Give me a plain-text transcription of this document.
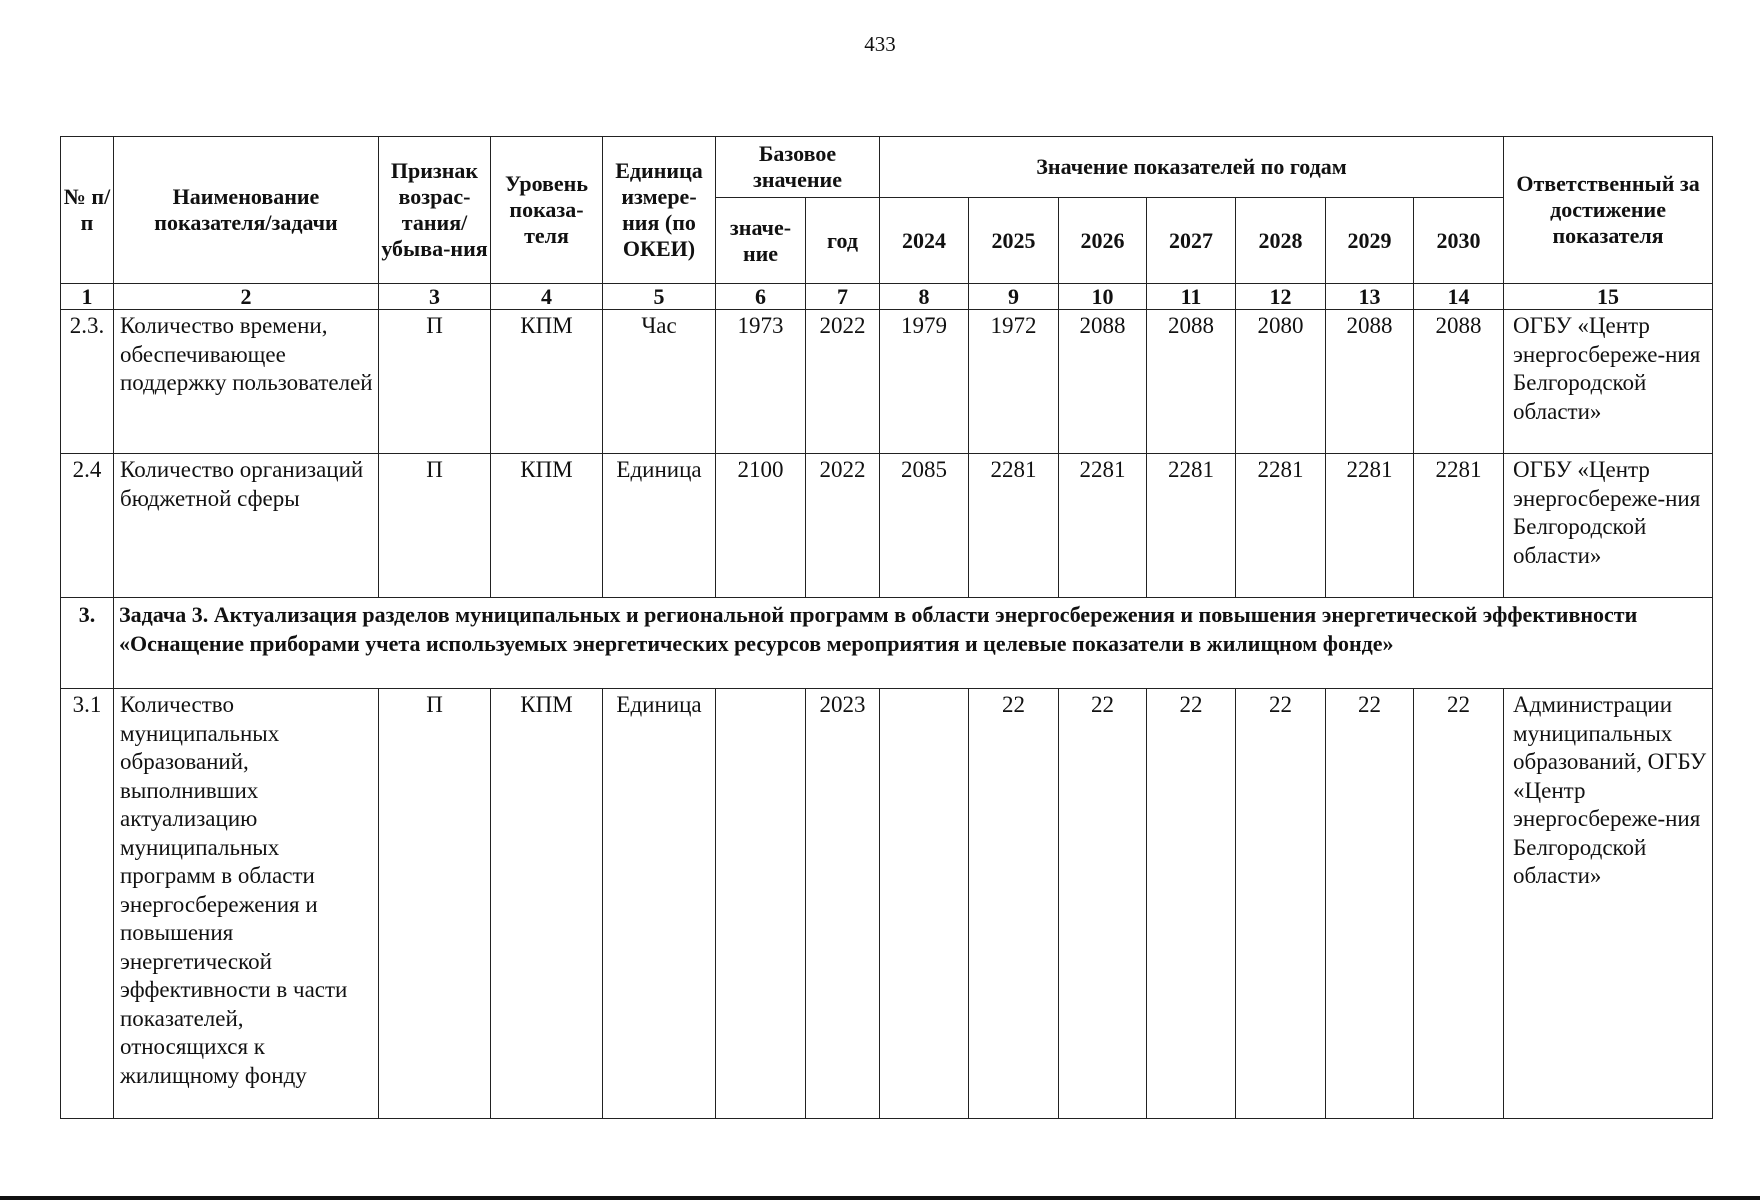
433
№ п/п	Наименование показателя/задачи	Признак возрас-тания/ убыва-ния	Уровень показа-теля	Единица измере-ния (по ОКЕИ)	Базовое значение		Значение показателей по годам							Ответственный за достижение показателя
					значе-ние	год	2024	2025	2026	2027	2028	2029	2030	
1	2	3	4	5	6	7	8	9	10	11	12	13	14	15
2.3.	Количество времени, обеспечивающее поддержку пользователей	П	КПМ	Час	1973	2022	1979	1972	2088	2088	2080	2088	2088	ОГБУ «Центр энергосбереже-ния Белгородской области»
2.4	Количество организаций бюджетной сферы	П	КПМ	Единица	2100	2022	2085	2281	2281	2281	2281	2281	2281	ОГБУ «Центр энергосбереже-ния Белгородской области»
3.	Задача 3. Актуализация разделов муниципальных и региональной программ в области энергосбережения и повышения энергетической эффективности «Оснащение приборами учета используемых энергетических ресурсов мероприятия и целевые показатели в жилищном фонде»													
3.1	Количество муниципальных образований, выполнивших актуализацию муниципальных программ в области энергосбережения и повышения энергетической эффективности в части показателей, относящихся к жилищному фонду	П	КПМ	Единица		2023		22	22	22	22	22	22	Администрации муниципальных образований, ОГБУ «Центр энергосбереже-ния Белгородской области»
